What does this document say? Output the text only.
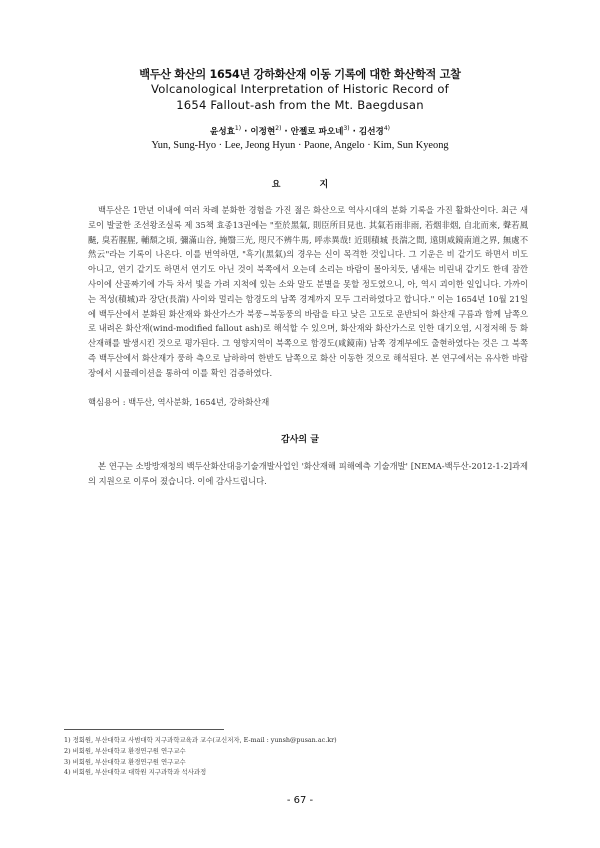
백두산 화산의 1654년 강하화산재 이동 기록에 대한 화산학적 고찰
Volcanological Interpretation of Historic Record of
1654 Fallout-ash from the Mt. Baegdusan
윤성효$^{1)}$ · 이정현$^{2)}$ · 안젤로 파오네$^{3)}$ · 김선경$^{4)}$
Yun, Sung-Hyo · Lee, Jeong Hyun · Paone, Angelo · Kim, Sun Kyeong
요 지
백두산은 1만년 이내에 여러 차례 분화한 경험을 가진 젊은 화산으로 역사시대의 분화 기록을 가진 활화산이다. 최근 새로이 발굴한 조선왕조실록 제 35책 효종13권에는 "至於黑氣, 則臣所目見也. 其氣若雨非雨, 若烟非烟, 自北而來, 聲若風飇, 臭若腥腥, 輔頹之頃, 彌滿山谷, 掩翳三光, 咫尺不辨牛馬, 呼赤異哉! 近則積城 長湍之間, 遠則咸鏡南道之界, 無處不然云"라는 기록이 나온다. 이를 번역하면, "흑기(黑氣)의 경우는 신이 목격한 것입니다. 그 기운은 비 같기도 하면서 비도 아니고, 연기 같기도 하면서 연기도 아닌 것이 북쪽에서 오는데 소리는 바람이 몰아치듯, 냄새는 비린내 같기도 한데 잠깐 사이에 산골짜기에 가득 차서 빛을 가려 지척에 있는 소와 말도 분별을 못할 정도였으니, 아, 역시 괴이한 일입니다. 가까이는 적성(積城)과 장단(長湍) 사이와 멀리는 함경도의 남쪽 경계까지 모두 그러하였다고 합니다." 이는 1654년 10월 21일에 백두산에서 분화된 화산재와 화산가스가 북풍~북동풍의 바람을 타고 낮은 고도로 운반되어 화산재 구름과 함께 남쪽으로 내려온 화산재(wind-modified fallout ash)로 해석할 수 있으며, 화산재와 화산가스로 인한 대기오염, 시정저해 등 화산재해를 발생시킨 것으로 평가된다. 그 영향지역이 북쪽으로 함경도(咸鏡南) 남쪽 경계부에도 출현하였다는 것은 그 북쪽 즉 백두산에서 화산재가 풍하 측으로 남하하여 한반도 남쪽으로 화산 이동한 것으로 해석된다. 본 연구에서는 유사한 바람장에서 시뮬레이션을 통하여 이를 확인 검증하였다.
핵심용어 : 백두산, 역사분화, 1654년, 강하화산재
감사의 글
본 연구는 소방방재청의 백두산화산대응기술개발사업인 '화산재해 피해예측 기술개발' [NEMA-백두산-2012-1-2]과제의 지원으로 이루어 졌습니다. 이에 감사드립니다.
1) 정회원, 부산대학교 사범대학 지구과학교육과 교수(교신저자, E-mail : yunsh@pusan.ac.kr)
2) 비회원, 부산대학교 환경연구원 연구교수
3) 비회원, 부산대학교 환경연구원 연구교수
4) 비회원, 부산대학교 대학원 지구과학과 석사과정
- 67 -
